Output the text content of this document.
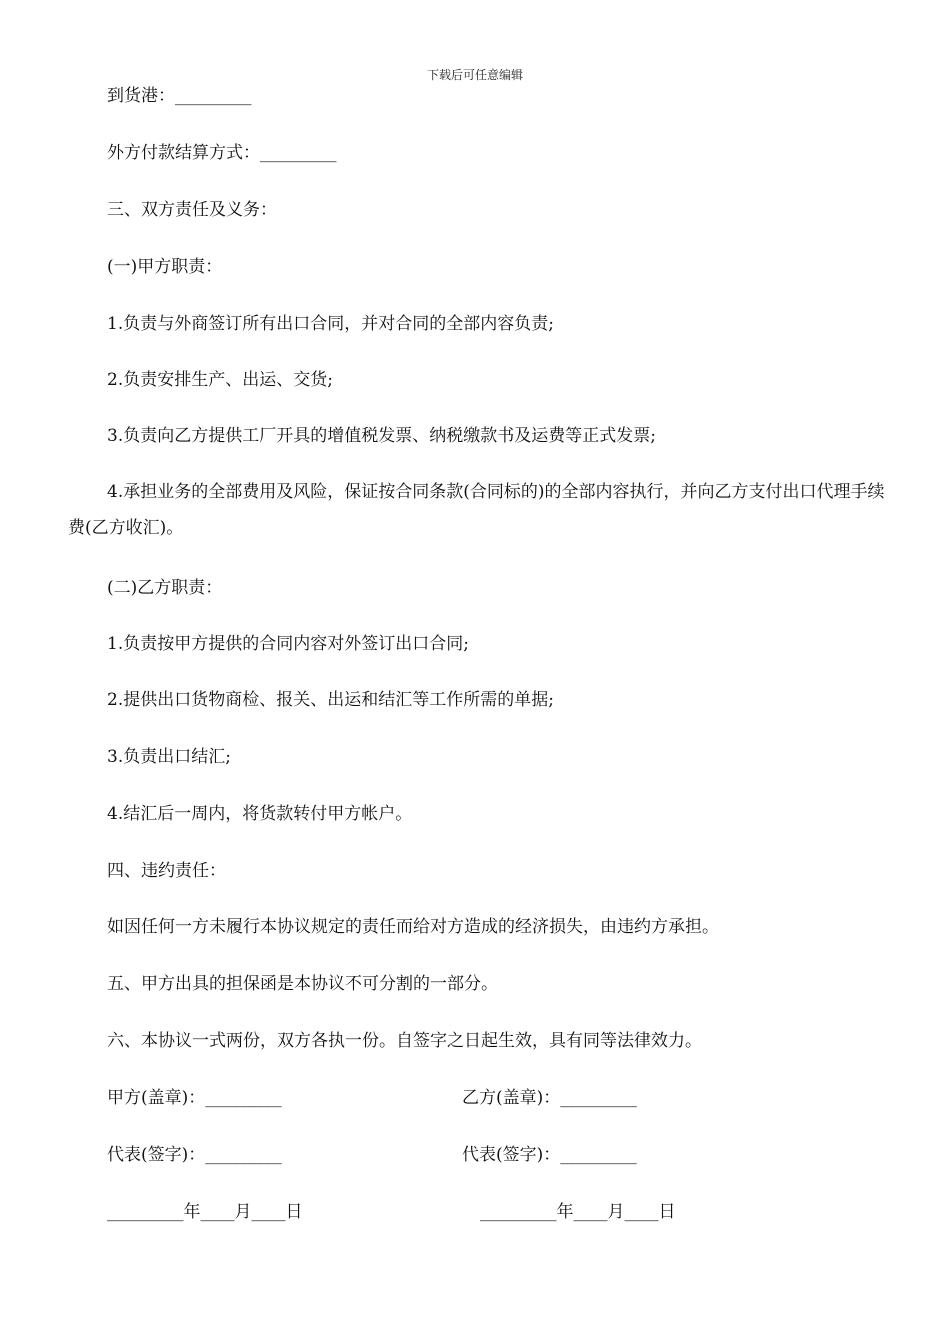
下载后可任意编辑
到货港：_________
外方付款结算方式：_________
三、双方责任及义务：
(一)甲方职责：
1.负责与外商签订所有出口合同，并对合同的全部内容负责;
2.负责安排生产、出运、交货;
3.负责向乙方提供工厂开具的增值税发票、纳税缴款书及运费等正式发票;
4.承担业务的全部费用及风险，保证按合同条款(合同标的)的全部内容执行，并向乙方支付出口代理手续费(乙方收汇)。
(二)乙方职责：
1.负责按甲方提供的合同内容对外签订出口合同;
2.提供出口货物商检、报关、出运和结汇等工作所需的单据;
3.负责出口结汇;
4.结汇后一周内，将货款转付甲方帐户。
四、违约责任：
如因任何一方未履行本协议规定的责任而给对方造成的经济损失，由违约方承担。
五、甲方出具的担保函是本协议不可分割的一部分。
六、本协议一式两份，双方各执一份。自签字之日起生效，具有同等法律效力。
甲方(盖章)：_________	乙方(盖章)：_________
代表(签字)：_________	代表(签字)：_________
_________年____月____日	_________年____月____日
